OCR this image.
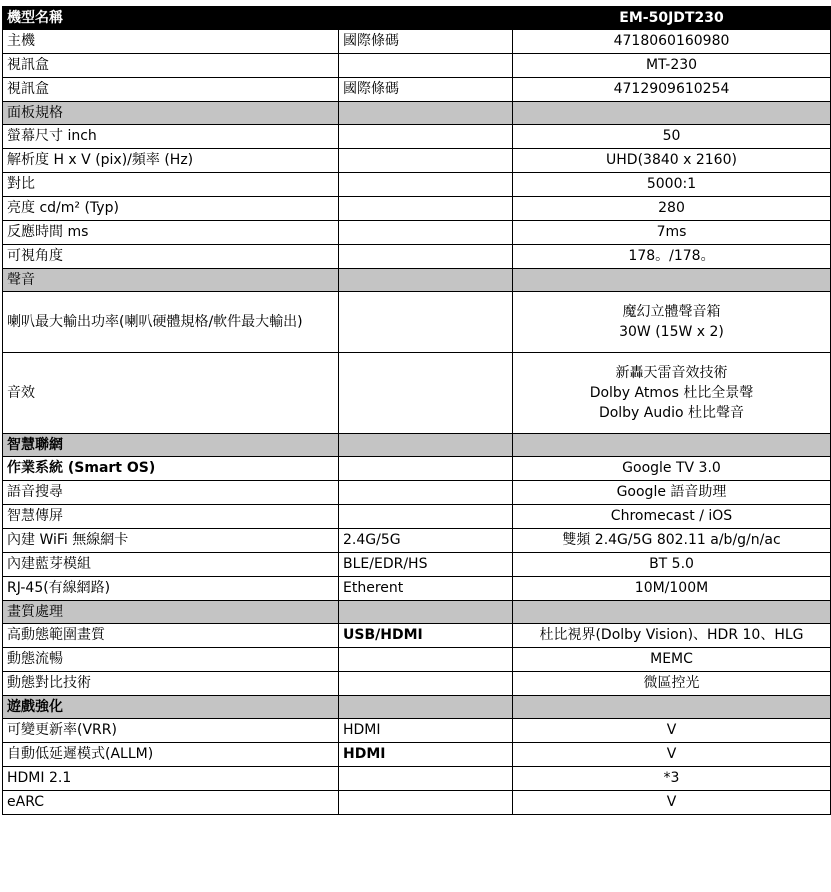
機型名稱		EM-50JDT230
主機	國際條碼	4718060160980

視訊盒		MT-230

視訊盒	國際條碼	4712909610254

面板規格		
螢幕尺寸 inch		50

解析度 H x V (pix)/頻率 (Hz)		UHD(3840 x 2160)

對比		5000:1

亮度 cd/m² (Typ)		280

反應時間 ms		7ms

可視角度		178。/178。

聲音		
喇叭最大輸出功率(喇叭硬體規格/軟件最大輸出)		魔幻立體聲音箱
30W (15W x 2)

音效		新轟天雷音效技術
Dolby Atmos 杜比全景聲
Dolby Audio 杜比聲音

智慧聯網		
作業系統 (Smart OS)		Google TV 3.0

語音搜尋		Google 語音助理

智慧傳屏		Chromecast / iOS

內建 WiFi 無線網卡	2.4G/5G	雙頻 2.4G/5G 802.11 a/b/g/n/ac

內建藍芽模組	BLE/EDR/HS	BT 5.0

RJ-45(有線網路)	Etherent	10M/100M

畫質處理		
高動態範圍畫質	USB/HDMI	杜比視界(Dolby Vision)、HDR 10、HLG

動態流暢		MEMC

動態對比技術		微區控光

遊戲強化		
可變更新率(VRR)	HDMI	V

自動低延遲模式(ALLM)	HDMI	V

HDMI 2.1		*3

eARC		V
